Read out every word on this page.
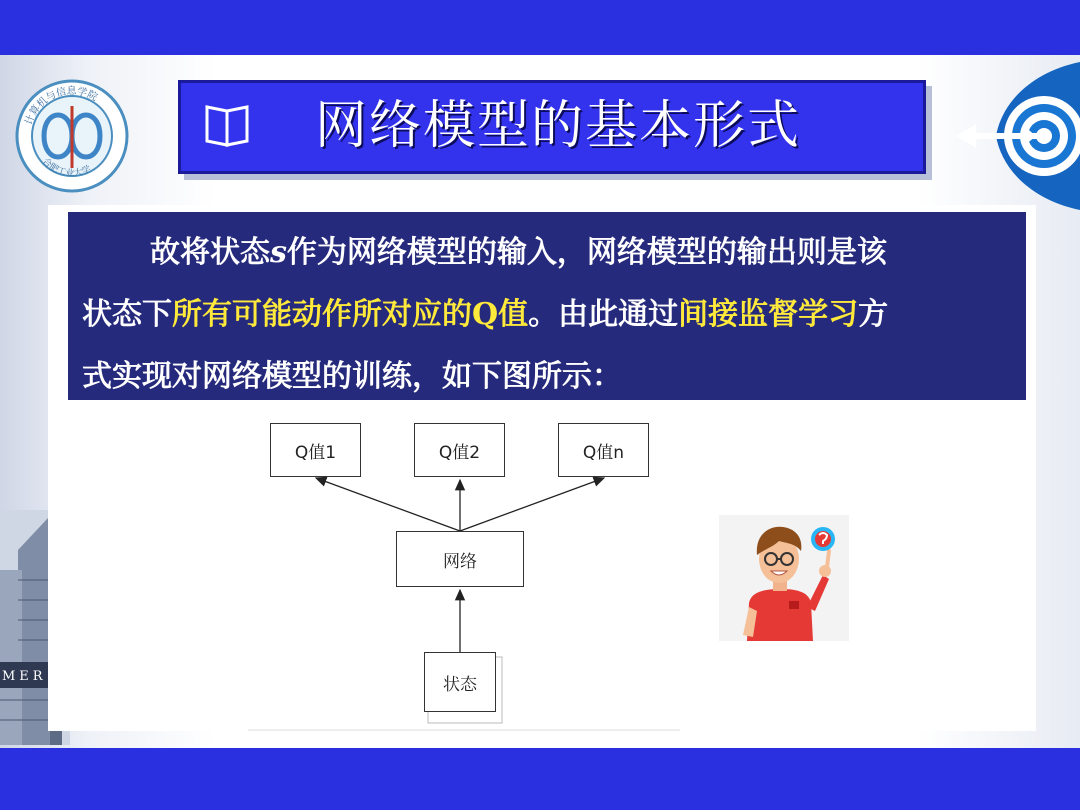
MER
计算机与信息学院
合肥工业大学
网络模型的基本形式
故将状态s作为网络模型的输入，网络模型的输出则是该
状态下所有可能动作所对应的Q值。由此通过间接监督学习方
式实现对网络模型的训练，如下图所示：
Q值1	Q值2	Q值n
网络
状态
